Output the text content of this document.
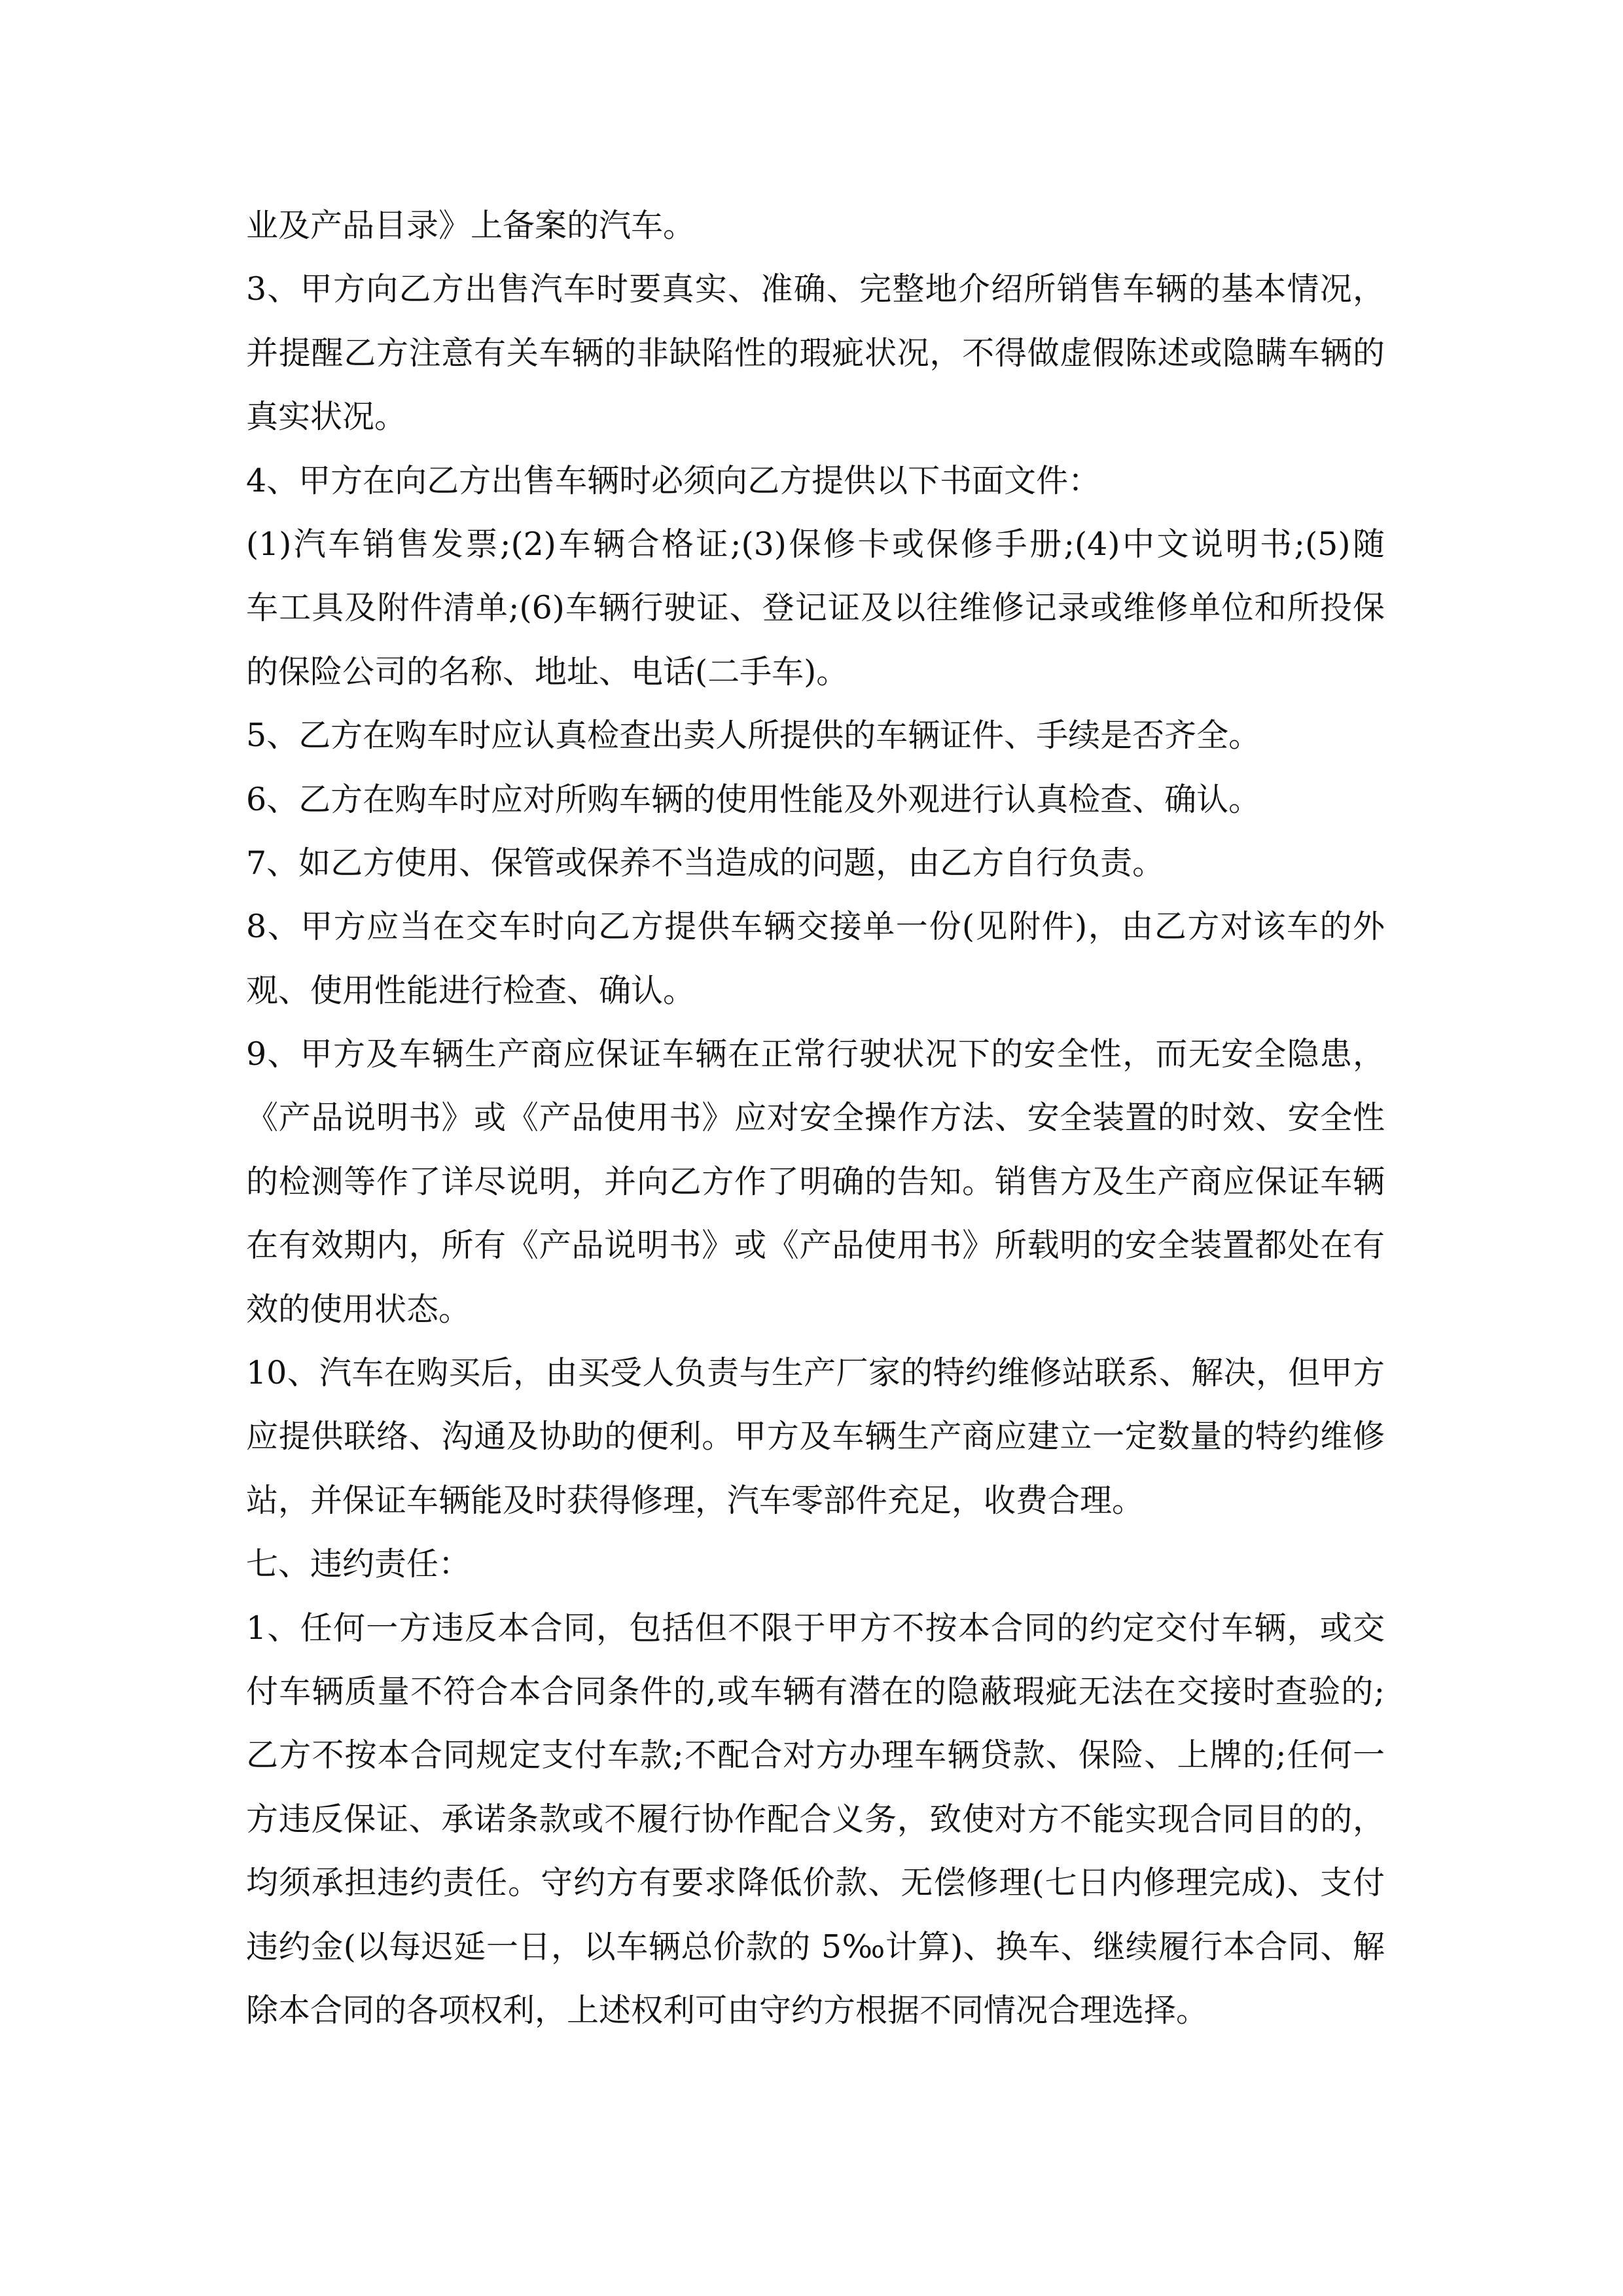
业及产品目录》上备案的汽车。
3、甲方向乙方出售汽车时要真实、准确、完整地介绍所销售车辆的基本情况，
并提醒乙方注意有关车辆的非缺陷性的瑕疵状况，不得做虚假陈述或隐瞒车辆的
真实状况。
4、甲方在向乙方出售车辆时必须向乙方提供以下书面文件：
(1)汽车销售发票;(2)车辆合格证;(3)保修卡或保修手册;(4)中文说明书;(5)随
车工具及附件清单;(6)车辆行驶证、登记证及以往维修记录或维修单位和所投保
的保险公司的名称、地址、电话(二手车)。
5、乙方在购车时应认真检查出卖人所提供的车辆证件、手续是否齐全。
6、乙方在购车时应对所购车辆的使用性能及外观进行认真检查、确认。
7、如乙方使用、保管或保养不当造成的问题，由乙方自行负责。
8、甲方应当在交车时向乙方提供车辆交接单一份(见附件)，由乙方对该车的外
观、使用性能进行检查、确认。
9、甲方及车辆生产商应保证车辆在正常行驶状况下的安全性，而无安全隐患，
《产品说明书》或《产品使用书》应对安全操作方法、安全装置的时效、安全性
的检测等作了详尽说明，并向乙方作了明确的告知。销售方及生产商应保证车辆
在有效期内，所有《产品说明书》或《产品使用书》所载明的安全装置都处在有
效的使用状态。
10、汽车在购买后，由买受人负责与生产厂家的特约维修站联系、解决，但甲方
应提供联络、沟通及协助的便利。甲方及车辆生产商应建立一定数量的特约维修
站，并保证车辆能及时获得修理，汽车零部件充足，收费合理。
七、违约责任：
1、任何一方违反本合同，包括但不限于甲方不按本合同的约定交付车辆，或交
付车辆质量不符合本合同条件的,或车辆有潜在的隐蔽瑕疵无法在交接时查验的;
乙方不按本合同规定支付车款;不配合对方办理车辆贷款、保险、上牌的;任何一
方违反保证、承诺条款或不履行协作配合义务，致使对方不能实现合同目的的，
均须承担违约责任。守约方有要求降低价款、无偿修理(七日内修理完成)、支付
违约金(以每迟延一日，以车辆总价款的 5‰计算)、换车、继续履行本合同、解
除本合同的各项权利，上述权利可由守约方根据不同情况合理选择。
